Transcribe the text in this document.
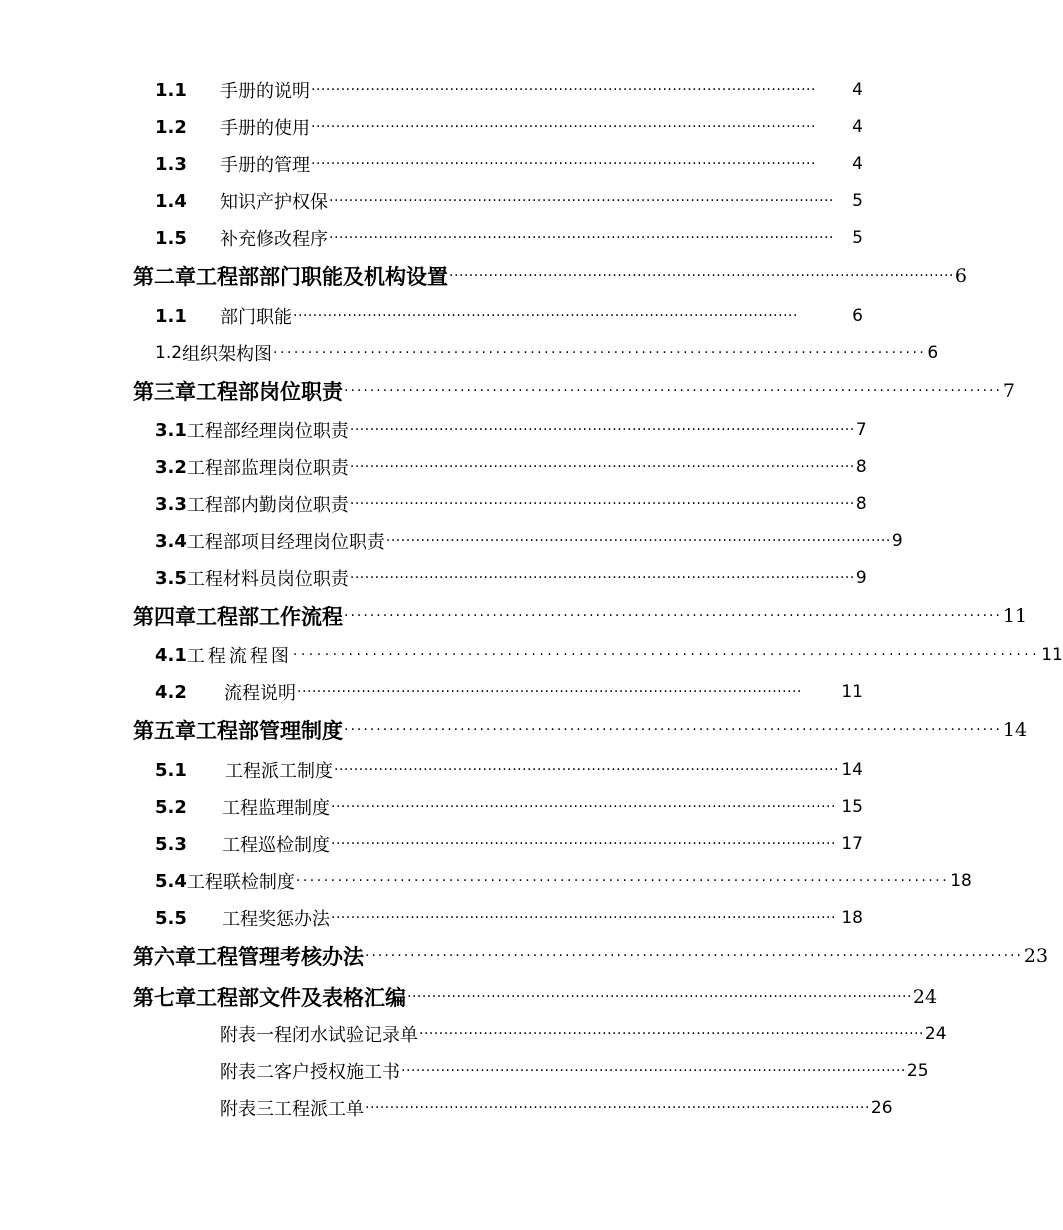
1.1	手册的说明 ······································································································	4
1.2	手册的使用 ······································································································	4
1.3	手册的管理 ······································································································	4
1.4	知识产护权保 ······································································································	5
1.5	补充修改程序 ······································································································	5
第二章 工程部部门职能及机构设置 ······································································································ 6
1.1	部门职能 ······································································································	6
1.2 组织架构图 ······························································································ 6
第三章 工程部岗位职责 ······································································································ 7
3.1 工程部经理岗位职责 ······································································································ 7
3.2 工程部监理岗位职责 ······································································································ 8
3.3 工程部内勤岗位职责 ······································································································ 8
3.4 工程部项目经理岗位职责 ······································································································ 9
3.5 工程材料员岗位职责 ······································································································ 9
第四章 工程部工作流程 ······································································································ 11
4.1 工程流程图 ······························································································ 11
4.2	流程说明 ······································································································	11
第五章 工程部管理制度 ······································································································ 14
5.1	工程派工制度 ······································································································ 14
5.2	工程监理制度 ······································································································ 15
5.3	工程巡检制度 ······································································································ 17
5.4 工程联检制度 ······························································································ 18
5.5	工程奖惩办法 ······································································································ 18
第六章 工程管理考核办法 ······································································································ 23
第七章 工程部文件及表格汇编 ······································································································ 24
附表一 程闭水试验记录单 ······································································································ 24
附表二 客户授权施工书 ······································································································ 25
附表三 工程派工单 ······································································································ 26
